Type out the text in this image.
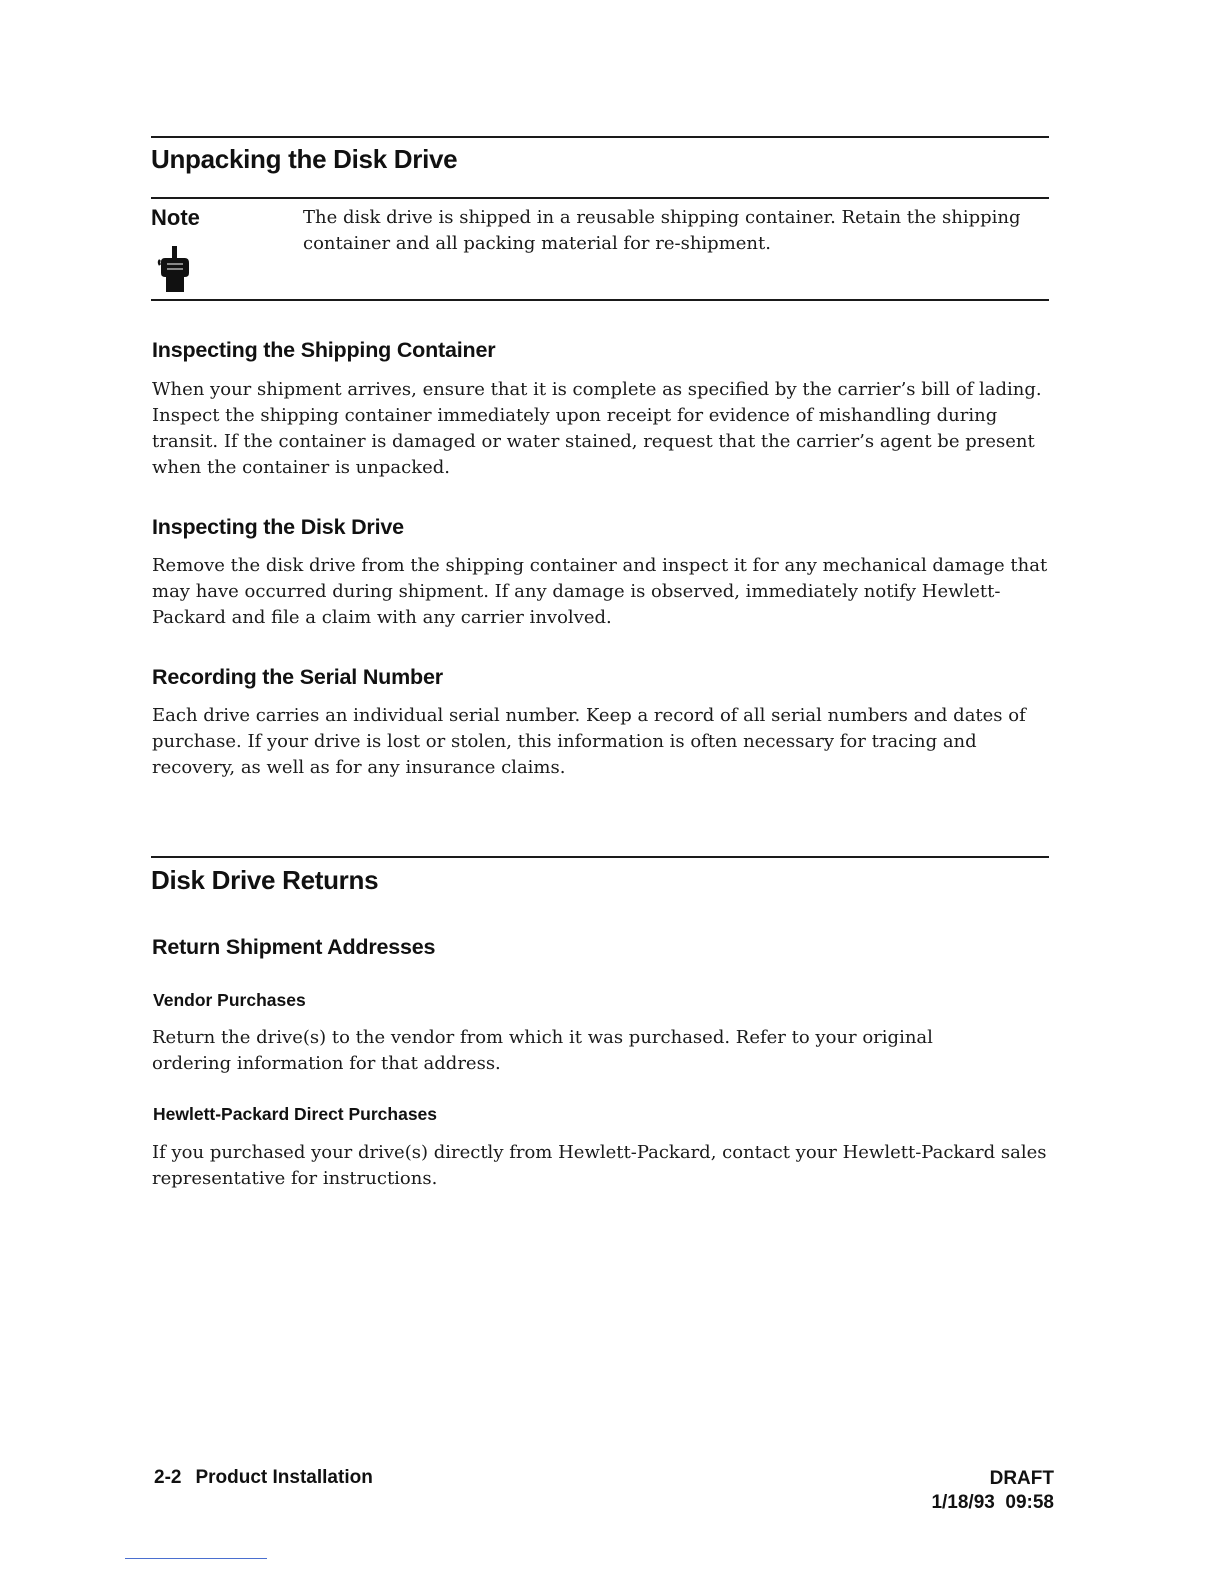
Unpacking the Disk Drive

Note	The disk drive is shipped in a reusable shipping container. Retain the shipping container and all packing material for re-shipment.

Inspecting the Shipping Container

When your shipment arrives, ensure that it is complete as specified by the carrier’s bill of lading. Inspect the shipping container immediately upon receipt for evidence of mishandling during transit. If the container is damaged or water stained, request that the carrier’s agent be present when the container is unpacked.

Inspecting the Disk Drive

Remove the disk drive from the shipping container and inspect it for any mechanical damage that may have occurred during shipment. If any damage is observed, immediately notify Hewlett-Packard and file a claim with any carrier involved.

Recording the Serial Number

Each drive carries an individual serial number. Keep a record of all serial numbers and dates of purchase. If your drive is lost or stolen, this information is often necessary for tracing and recovery, as well as for any insurance claims.

Disk Drive Returns
Return Shipment Addresses
Vendor Purchases

Return the drive(s) to the vendor from which it was purchased. Refer to your original ordering information for that address.

Hewlett-Packard Direct Purchases

If you purchased your drive(s) directly from Hewlett-Packard, contact your Hewlett-Packard sales representative for instructions.

2-2 Product Installation	DRAFT
1/18/93  09:58
